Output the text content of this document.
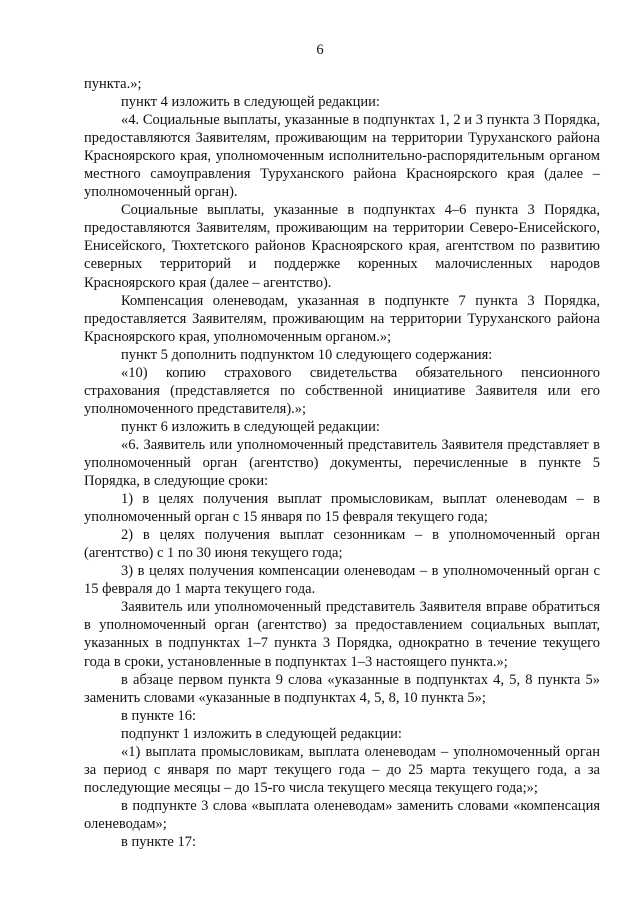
6

пункта.»;

пункт 4 изложить в следующей редакции:

«4. Социальные выплаты, указанные в подпунктах 1, 2 и 3 пункта 3 Порядка, предоставляются Заявителям, проживающим на территории Туруханского района Красноярского края, уполномоченным исполнительно-распорядительным органом местного самоуправления Туруханского района Красноярского края (далее – уполномоченный орган).

Социальные выплаты, указанные в подпунктах 4–6 пункта 3 Порядка, предоставляются Заявителям, проживающим на территории Северо-Енисейского, Енисейского, Тюхтетского районов Красноярского края, агентством по развитию северных территорий и поддержке коренных малочисленных народов Красноярского края (далее – агентство).

Компенсация оленеводам, указанная в подпункте 7 пункта 3 Порядка, предоставляется Заявителям, проживающим на территории Туруханского района Красноярского края, уполномоченным органом.»;

пункт 5 дополнить подпунктом 10 следующего содержания:

«10) копию страхового свидетельства обязательного пенсионного страхования (представляется по собственной инициативе Заявителя или его уполномоченного представителя).»;

пункт 6 изложить в следующей редакции:

«6. Заявитель или уполномоченный представитель Заявителя представляет в уполномоченный орган (агентство) документы, перечисленные в пункте 5 Порядка, в следующие сроки:

1) в целях получения выплат промысловикам, выплат оленеводам – в уполномоченный орган с 15 января по 15 февраля текущего года;

2) в целях получения выплат сезонникам – в уполномоченный орган (агентство) с 1 по 30 июня текущего года;

3) в целях получения компенсации оленеводам – в уполномоченный орган с 15 февраля до 1 марта текущего года.

Заявитель или уполномоченный представитель Заявителя вправе обратиться в уполномоченный орган (агентство) за предоставлением социальных выплат, указанных в подпунктах 1–7 пункта 3 Порядка, однократно в течение текущего года в сроки, установленные в подпунктах 1–3 настоящего пункта.»;

в абзаце первом пункта 9 слова «указанные в подпунктах 4, 5, 8 пункта 5» заменить словами «указанные в подпунктах 4, 5, 8, 10 пункта 5»;

в пункте 16:

подпункт 1 изложить в следующей редакции:

«1) выплата промысловикам, выплата оленеводам – уполномоченный орган за период с января по март текущего года – до 25 марта текущего года, а за последующие месяцы – до 15-го числа текущего месяца текущего года;»;

в подпункте 3 слова «выплата оленеводам» заменить словами «компенсация оленеводам»;

в пункте 17:
